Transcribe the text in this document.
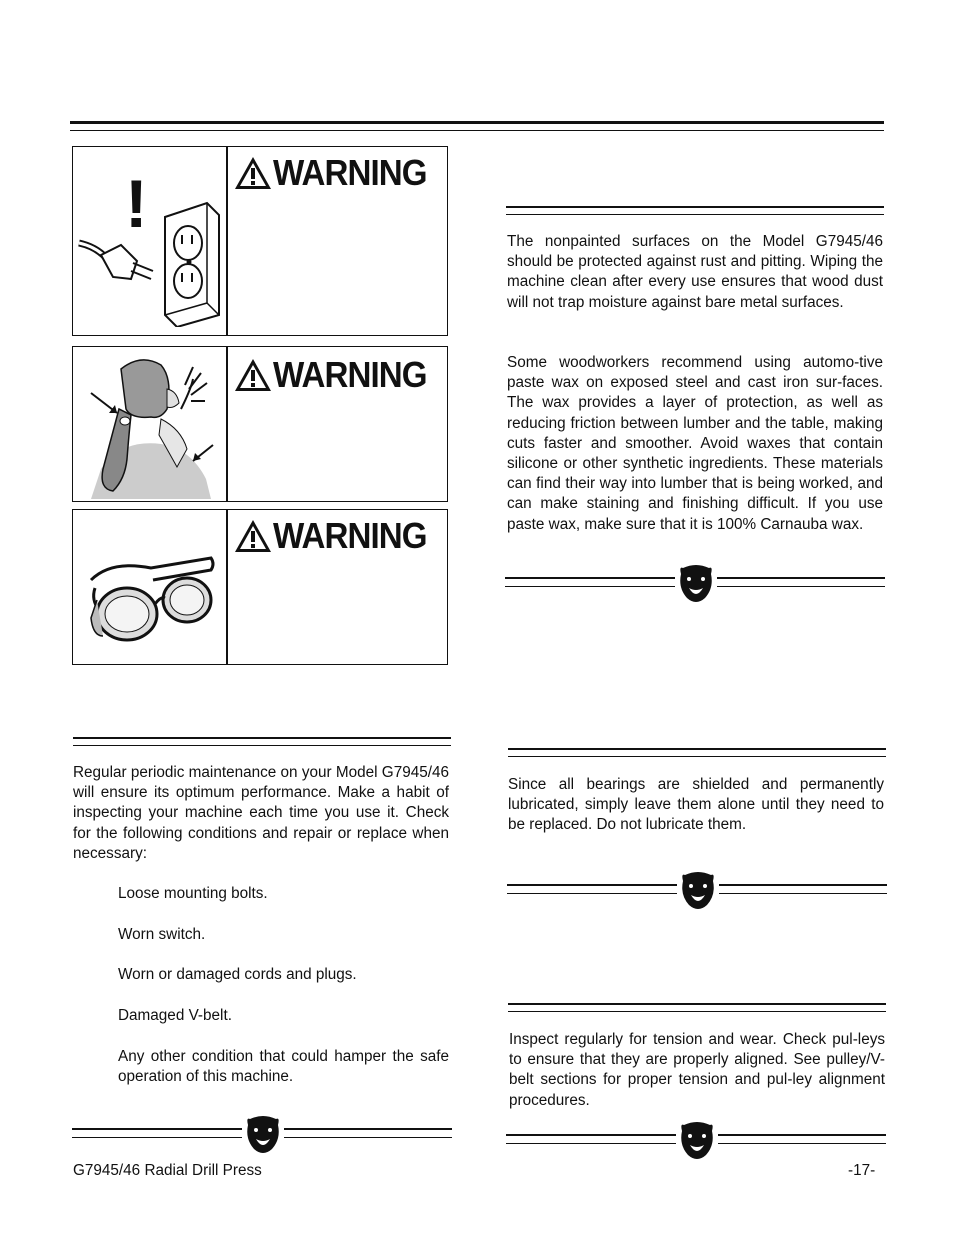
!	WARNING
WARNING
WARNING

The nonpainted surfaces on the Model G7945/46 should be protected against rust and pitting. Wiping the machine clean after every use ensures that wood dust will not trap moisture against bare metal surfaces.

Some woodworkers recommend using automo-tive paste wax on exposed steel and cast iron sur-faces. The wax provides a layer of protection, as well as reducing friction between lumber and the table, making cuts faster and smoother. Avoid waxes that contain silicone or other synthetic ingredients. These materials can find their way into lumber that is being worked, and can make staining and finishing difficult. If you use paste wax, make sure that it is 100% Carnauba wax.

Regular periodic maintenance on your Model G7945/46 will ensure its optimum performance. Make a habit of inspecting your machine each time you use it. Check for the following conditions and repair or replace when necessary:

Loose mounting bolts.

Worn switch.

Worn or damaged cords and plugs.

Damaged V-belt.

Any other condition that could hamper the safe operation of this machine.

Since all bearings are shielded and permanently lubricated, simply leave them alone until they need to be replaced. Do not lubricate them.

Inspect regularly for tension and wear. Check pul-leys to ensure that they are properly aligned. See pulley/V-belt sections for proper tension and pul-ley alignment procedures.

G7945/46 Radial Drill Press	-17-
